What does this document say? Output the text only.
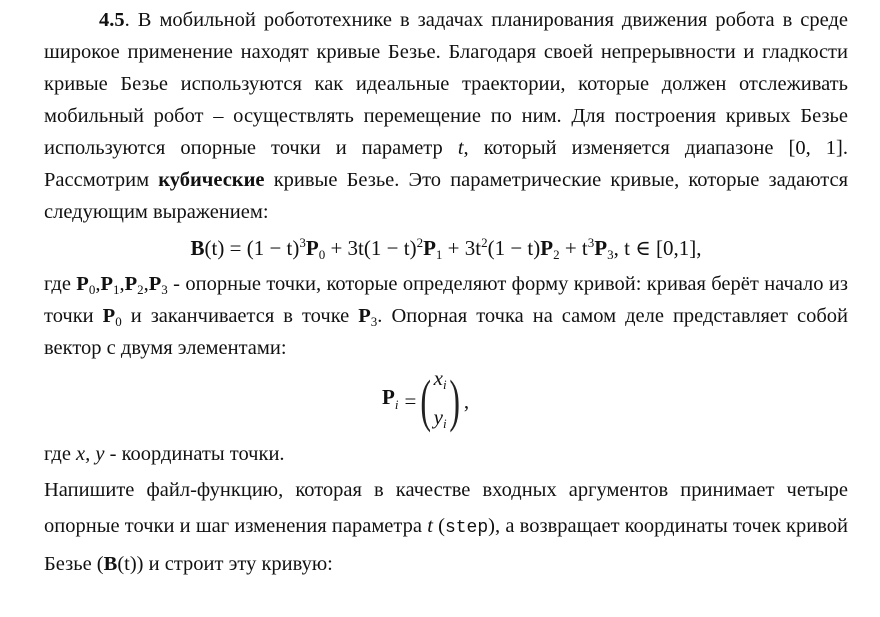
4.5. В мобильной робототехнике в задачах планирования движения робота в среде широкое применение находят кривые Безье. Благодаря своей непрерывности и гладкости кривые Безье используются как идеальные траектории, которые должен отслеживать мобильный робот – осуществлять перемещение по ним. Для построения кривых Безье используются опорные точки и параметр t, который изменяется диапазоне [0, 1]. Рассмотрим кубические кривые Безье. Это параметрические кривые, которые задаются следующим выражением:

$B(t) = (1 - t)^3P_0 + 3t(1 - t)^2P_1 + 3t^2(1 - t)P_2 + t^3P_3$, t ∈ [0,1],

где $P_0,P_1,P_2,P_3$ - опорные точки, которые определяют форму кривой: кривая берёт начало из точки $P_0$ и заканчивается в точке $P_3$. Опорная точка на самом деле представляет собой вектор с двумя элементами:

$P_i$ = ( $x_i$
$y_i$ ) ,

где x, y - координаты точки.

Напишите файл-функцию, которая в качестве входных аргументов принимает четыре опорные точки и шаг изменения параметра t (step), а возвращает координаты точек кривой Безье (B(t)) и строит эту кривую:
